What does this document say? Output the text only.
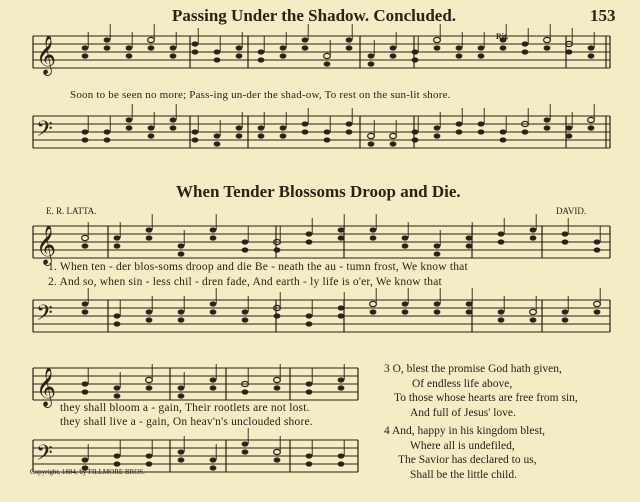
𝄞
𝄢
𝄞
𝄢
𝄞
𝄢
Passing Under the Shadow. Concluded.	153
Rit.
Soon to be seen no more; Pass-ing un-der the shad-ow, To rest on the sun-lit shore.
When Tender Blossoms Droop and Die.
E. R. LATTA.	DAVID.
1. When ten - der blos-soms droop and die Be - neath the au - tumn frost, We know that
2. And so, when sin - less chil - dren fade, And earth - ly life is o'er, We know that
they shall bloom a - gain, Their rootlets are not lost.
they shall live a - gain, On heav'n's unclouded shore.
3 O, blest the promise God hath given,
Of endless life above,
To those whose hearts are free from sin,
And full of Jesus' love.
4 And, happy in his kingdom blest,
Where all is undefiled,
The Savior has declared to us,
Shall be the little child.
Copyright, 1884, by FILLMORE BROS.
